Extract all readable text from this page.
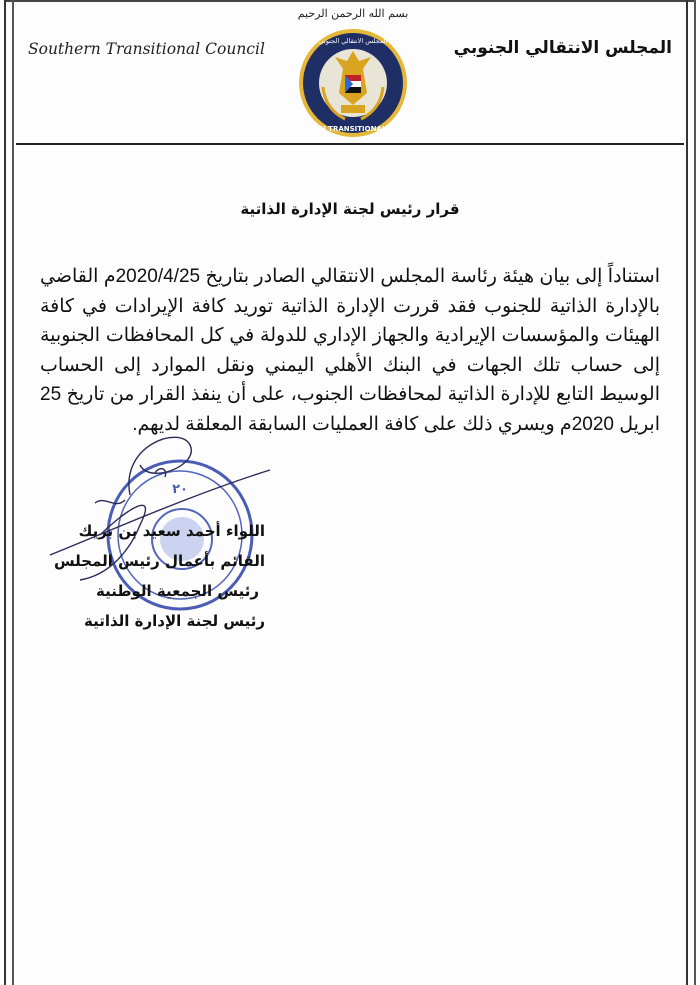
SOUTHERN TRANSITIONAL COUNCIL
المجلس الانتقالي الجنوبي
بسم الله الرحمن الرحيم
Southern Transitional Council	المجلس الانتقالي الجنوبي
قرار رئيس لجنة الإدارة الذاتية

استناداً إلى بيان هيئة رئاسة المجلس الانتقالي الصادر بتاريخ 2020/4/25م القاضي بالإدارة الذاتية للجنوب فقد قررت الإدارة الذاتية توريد كافة الإيرادات في كافة الهيئات والمؤسسات الإيرادية والجهاز الإداري للدولة في كل المحافظات الجنوبية إلى حساب تلك الجهات في البنك الأهلي اليمني ونقل الموارد إلى الحساب الوسيط التابع للإدارة الذاتية لمحافظات الجنوب، على أن ينفذ القرار من تاريخ 25 ابريل 2020م ويسري ذلك على كافة العمليات السابقة المعلقة لديهم.

٢٠
اللواء أحمد سعيد بن بريك
القائم بأعمال رئيس المجلس
رئيس الجمعية الوطنية
رئيس لجنة الإدارة الذاتية
